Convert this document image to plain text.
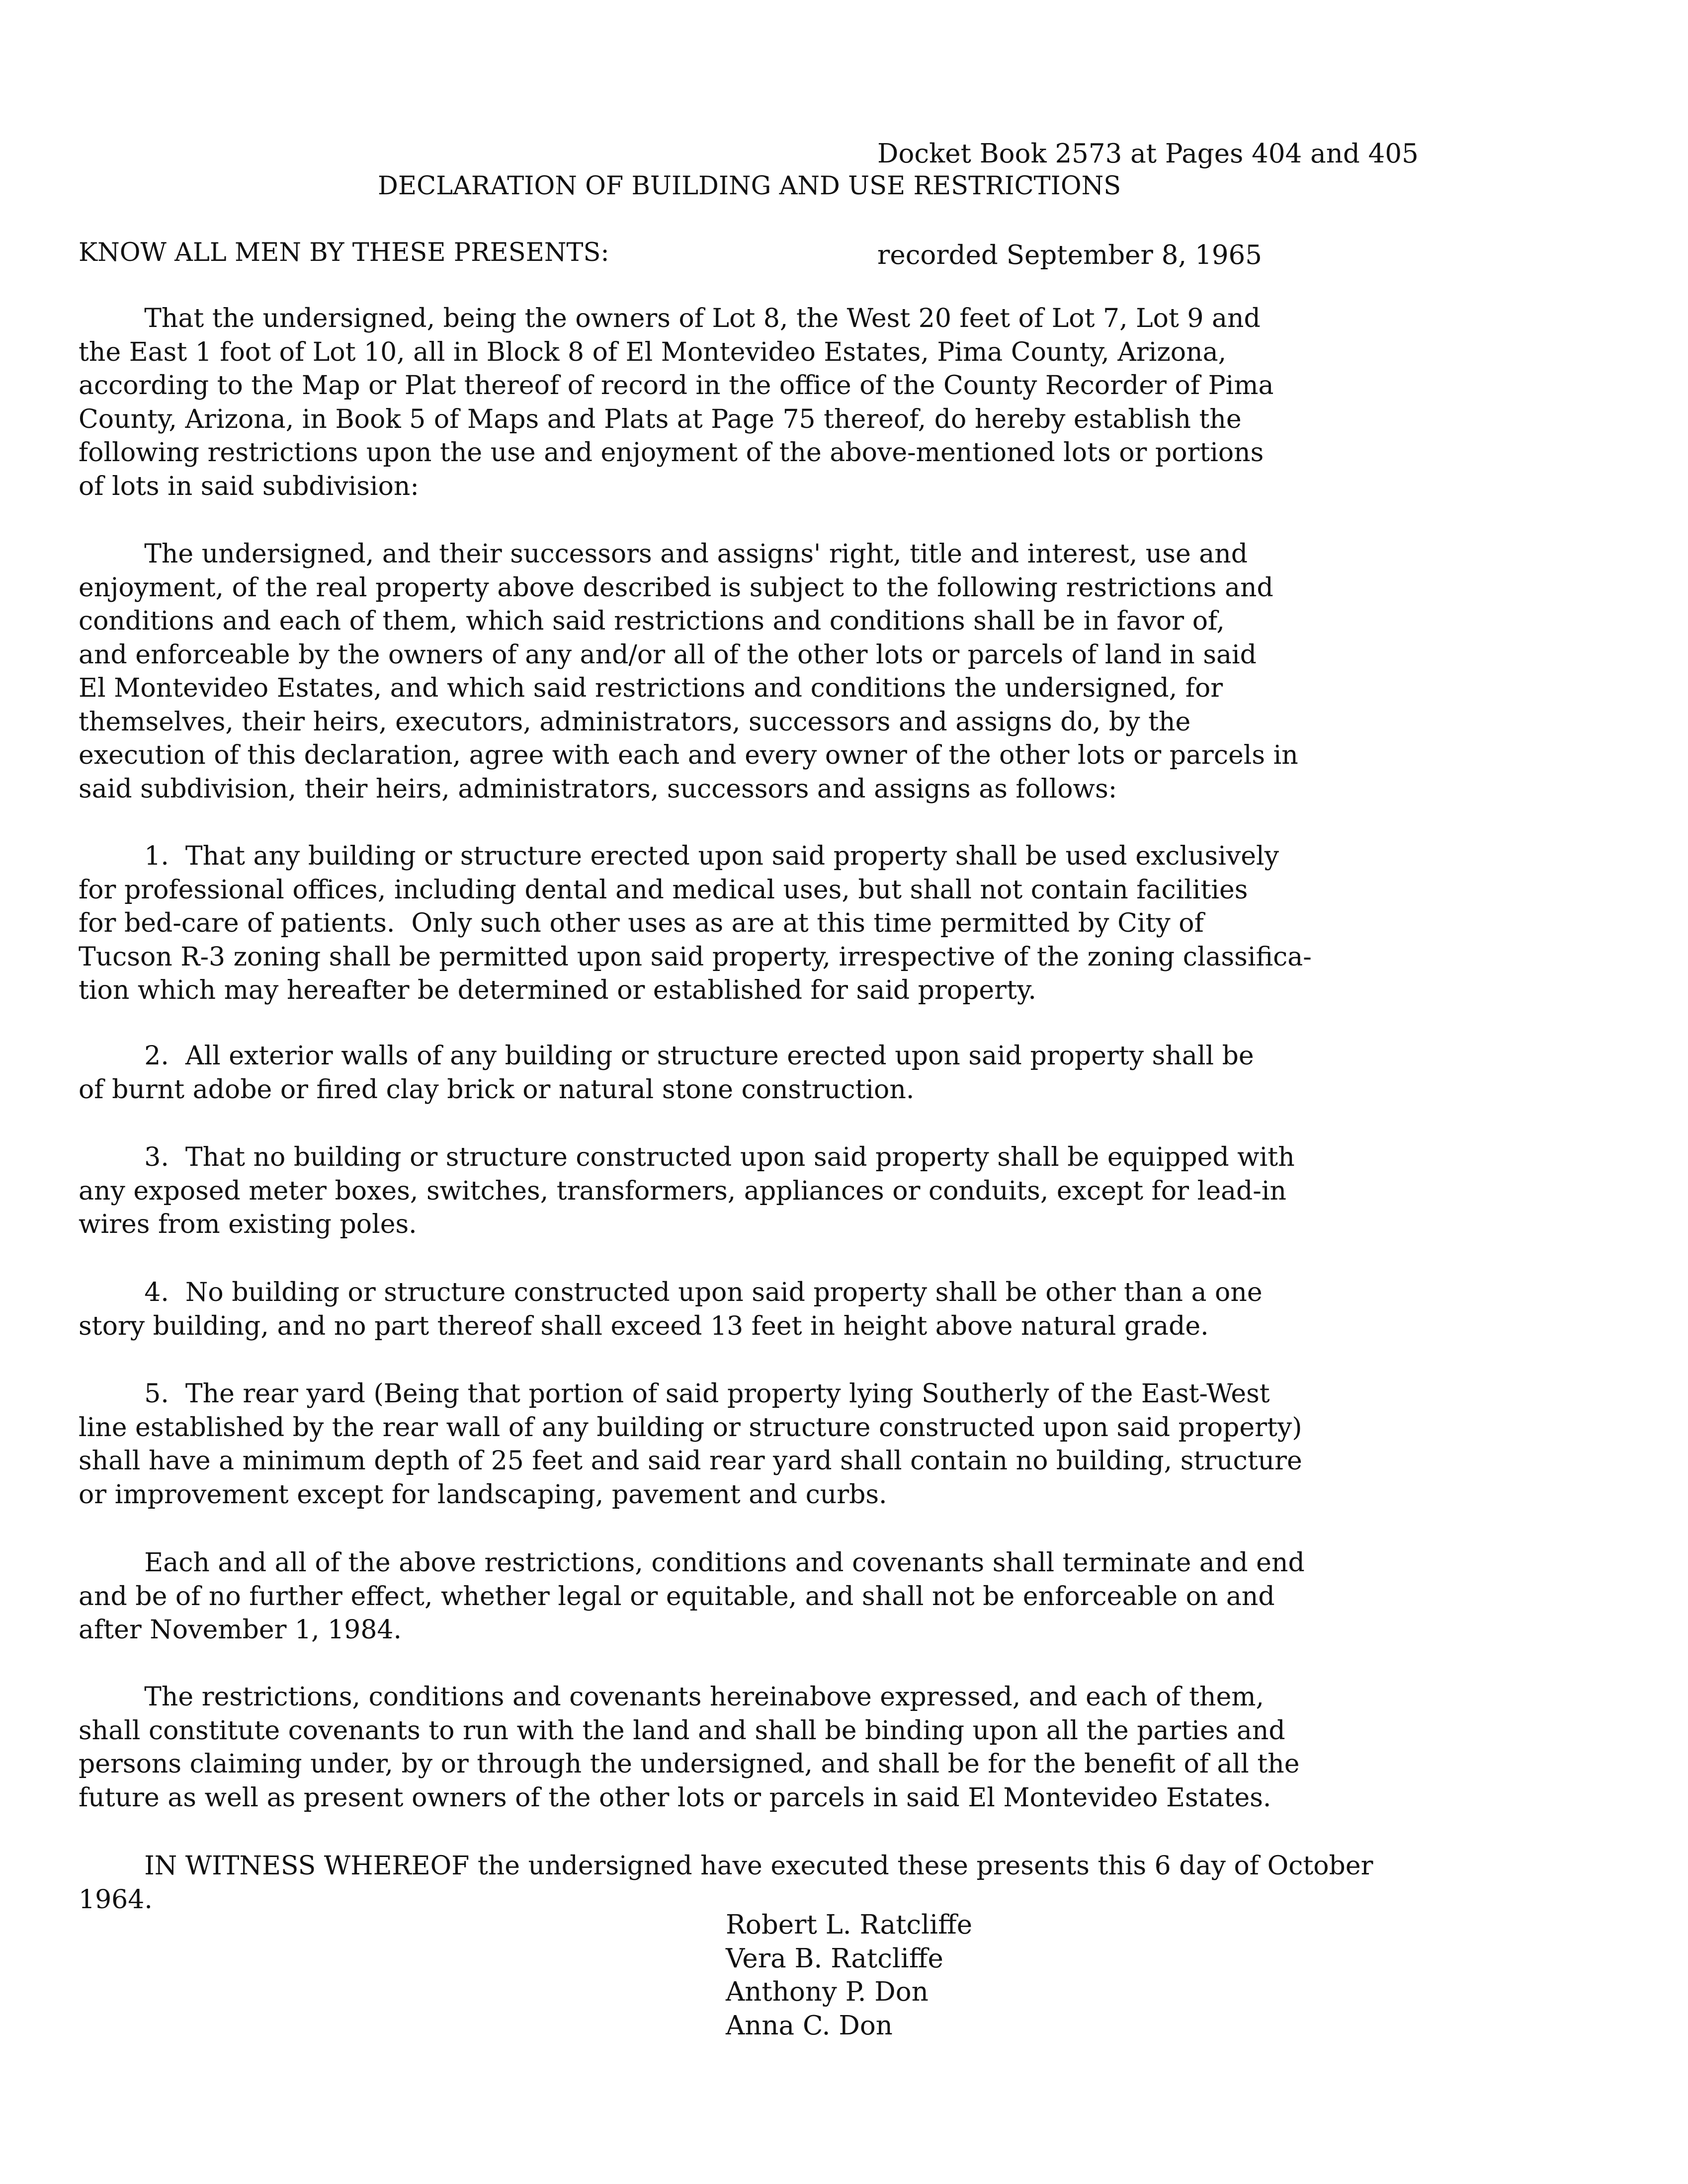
Docket Book 2573 at Pages 404 and 405

recorded September 8, 1965

DECLARATION OF BUILDING AND USE RESTRICTIONS
KNOW ALL MEN BY THESE PRESENTS:
That the undersigned, being the owners of Lot 8, the West 20 feet of Lot 7, Lot 9 and
the East 1 foot of Lot 10, all in Block 8 of El Montevideo Estates, Pima County, Arizona,
according to the Map or Plat thereof of record in the office of the County Recorder of Pima
County, Arizona, in Book 5 of Maps and Plats at Page 75 thereof, do hereby establish the
following restrictions upon the use and enjoyment of the above-mentioned lots or portions
of lots in said subdivision:
The undersigned, and their successors and assigns' right, title and interest, use and
enjoyment, of the real property above described is subject to the following restrictions and
conditions and each of them, which said restrictions and conditions shall be in favor of,
and enforceable by the owners of any and/or all of the other lots or parcels of land in said
El Montevideo Estates, and which said restrictions and conditions the undersigned, for
themselves, their heirs, executors, administrators, successors and assigns do, by the
execution of this declaration, agree with each and every owner of the other lots or parcels in
said subdivision, their heirs, administrators, successors and assigns as follows:
1.  That any building or structure erected upon said property shall be used exclusively
for professional offices, including dental and medical uses, but shall not contain facilities
for bed-care of patients.  Only such other uses as are at this time permitted by City of
Tucson R-3 zoning shall be permitted upon said property, irrespective of the zoning classifica-
tion which may hereafter be determined or established for said property.
2.  All exterior walls of any building or structure erected upon said property shall be
of burnt adobe or fired clay brick or natural stone construction.
3.  That no building or structure constructed upon said property shall be equipped with
any exposed meter boxes, switches, transformers, appliances or conduits, except for lead-in
wires from existing poles.
4.  No building or structure constructed upon said property shall be other than a one
story building, and no part thereof shall exceed 13 feet in height above natural grade.
5.  The rear yard (Being that portion of said property lying Southerly of the East-West
line established by the rear wall of any building or structure constructed upon said property)
shall have a minimum depth of 25 feet and said rear yard shall contain no building, structure
or improvement except for landscaping, pavement and curbs.
Each and all of the above restrictions, conditions and covenants shall terminate and end
and be of no further effect, whether legal or equitable, and shall not be enforceable on and
after November 1, 1984.
The restrictions, conditions and covenants hereinabove expressed, and each of them,
shall constitute covenants to run with the land and shall be binding upon all the parties and
persons claiming under, by or through the undersigned, and shall be for the benefit of all the
future as well as present owners of the other lots or parcels in said El Montevideo Estates.
IN WITNESS WHEREOF the undersigned have executed these presents this 6 day of October
1964.
Robert L. Ratcliffe
Vera B. Ratcliffe
Anthony P. Don
Anna C. Don
